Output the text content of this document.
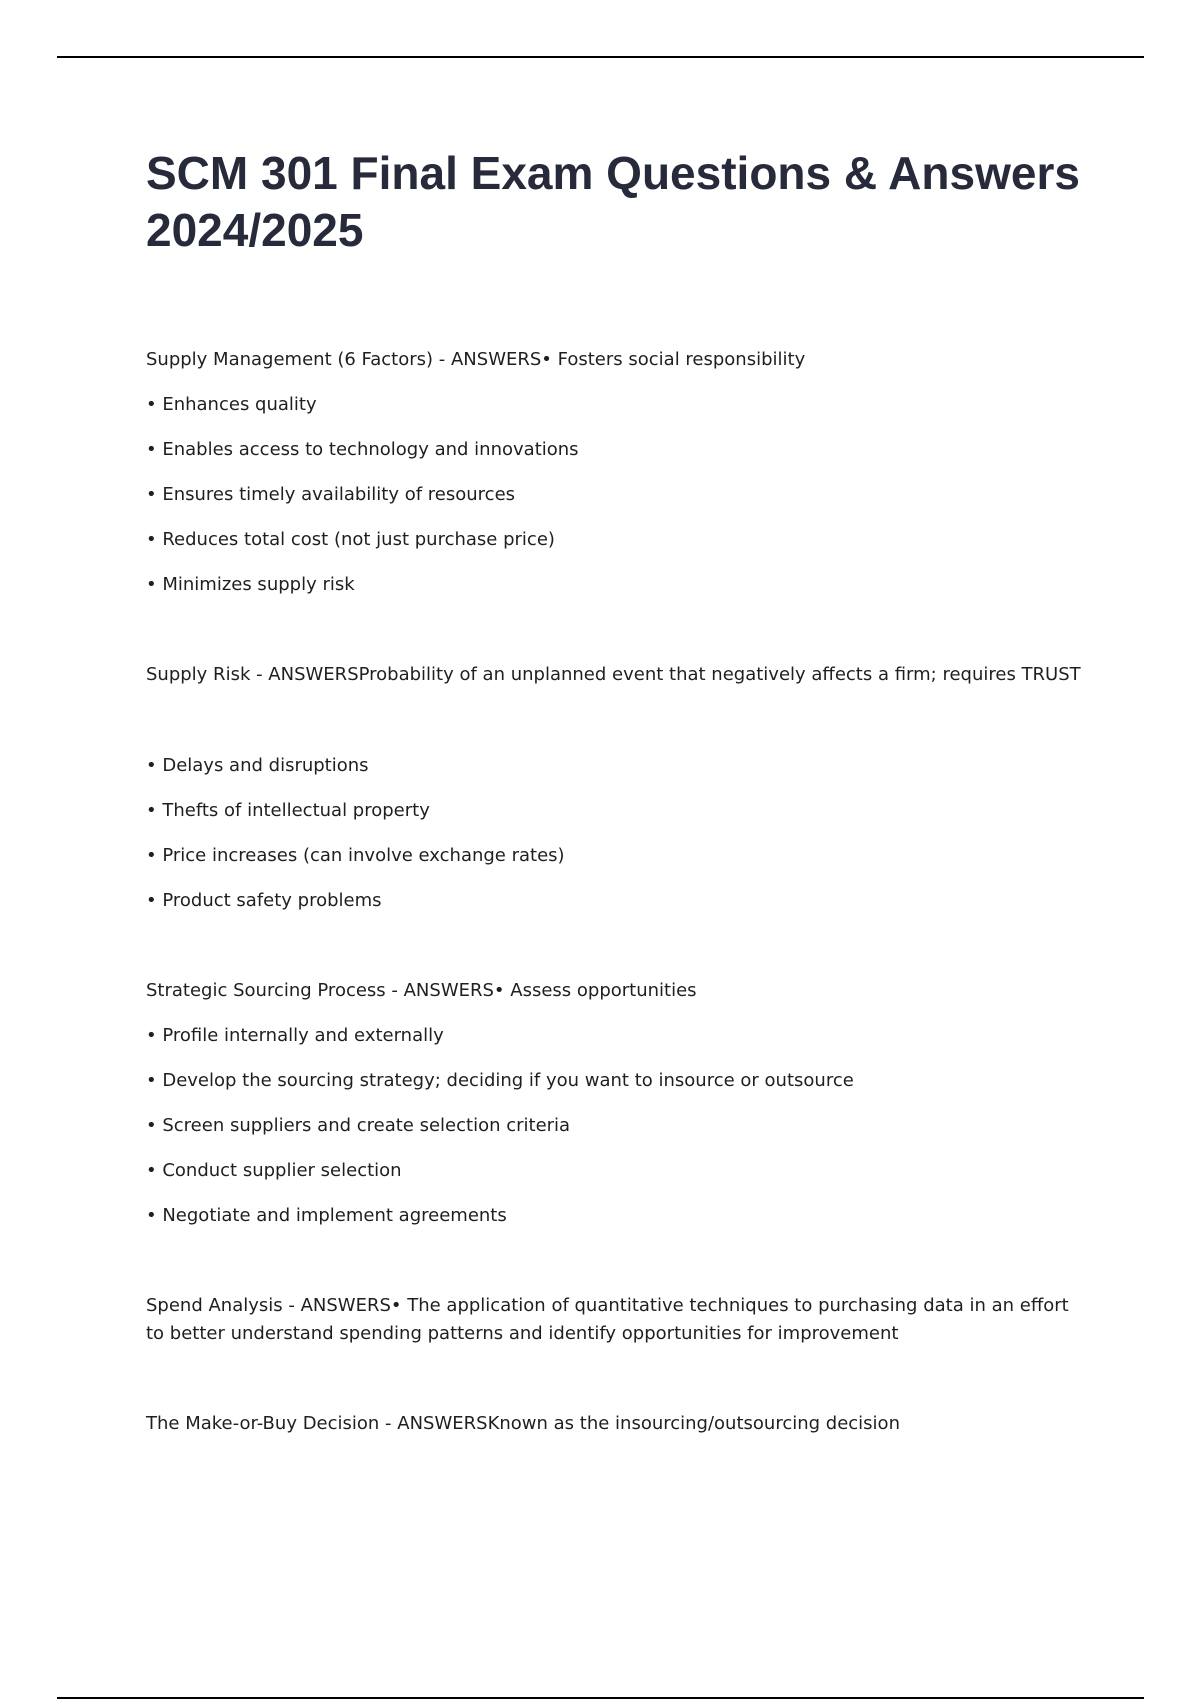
SCM 301 Final Exam Questions & Answers 2024/2025

Supply Management (6 Factors) - ANSWERS• Fosters social responsibility

• Enhances quality

• Enables access to technology and innovations

• Ensures timely availability of resources

• Reduces total cost (not just purchase price)

• Minimizes supply risk

Supply Risk - ANSWERSProbability of an unplanned event that negatively affects a firm; requires TRUST

• Delays and disruptions

• Thefts of intellectual property

• Price increases (can involve exchange rates)

• Product safety problems

Strategic Sourcing Process - ANSWERS• Assess opportunities

• Profile internally and externally

• Develop the sourcing strategy; deciding if you want to insource or outsource

• Screen suppliers and create selection criteria

• Conduct supplier selection

• Negotiate and implement agreements

Spend Analysis - ANSWERS• The application of quantitative techniques to purchasing data in an effort to better understand spending patterns and identify opportunities for improvement

The Make-or-Buy Decision - ANSWERSKnown as the insourcing/outsourcing decision
